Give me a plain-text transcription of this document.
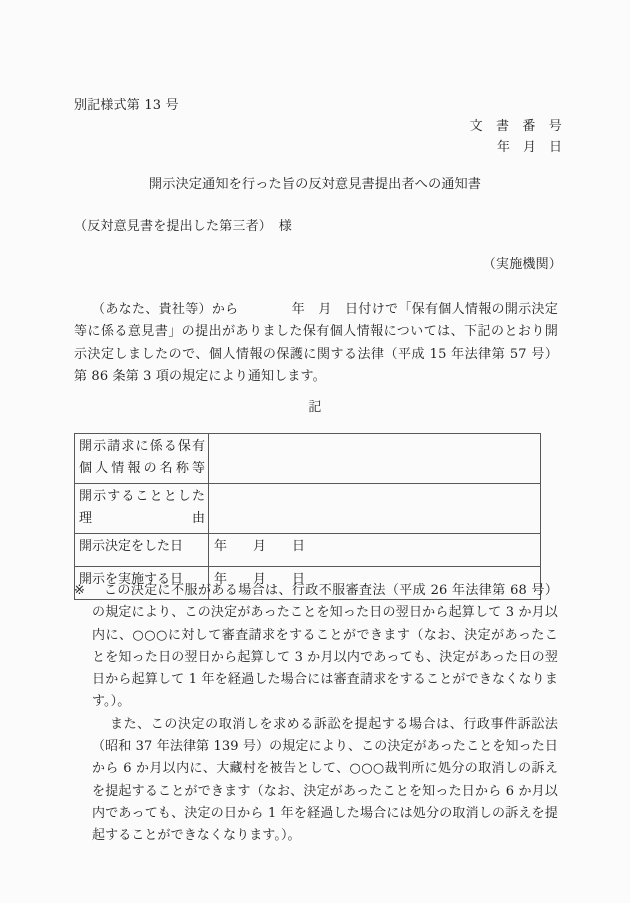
別記様式第 13 号
文　書　番　号
年　月　日
開示決定通知を行った旨の反対意見書提出者への通知書
（反対意見書を提出した第三者）　様
（実施機関）
（あなた、貴社等）から　　　　年　月　日付けで「保有個人情報の開示決定等に係る意見書」の提出がありました保有個人情報については、下記のとおり開示決定しましたので、個人情報の保護に関する法律（平成 15 年法律第 57 号）第 86 条第 3 項の規定により通知します。
記
開示請求に係る保有個人情報の名称等	

開示することとした理由	

開示決定をした日	年　　月　　日

開示を実施する日	年　　月　　日
※	この決定に不服がある場合は、行政不服審査法（平成 26 年法律第 68 号）の規定により、この決定があったことを知った日の翌日から起算して 3 か月以内に、○○○に対して審査請求をすることができます（なお、決定があったことを知った日の翌日から起算して 3 か月以内であっても、決定があった日の翌日から起算して 1 年を経過した場合には審査請求をすることができなくなります。）。
また、この決定の取消しを求める訴訟を提起する場合は、行政事件訴訟法（昭和 37 年法律第 139 号）の規定により、この決定があったことを知った日から 6 か月以内に、大藏村を被告として、○○○裁判所に処分の取消しの訴えを提起することができます（なお、決定があったことを知った日から 6 か月以内であっても、決定の日から 1 年を経過した場合には処分の取消しの訴えを提起することができなくなります。）。
